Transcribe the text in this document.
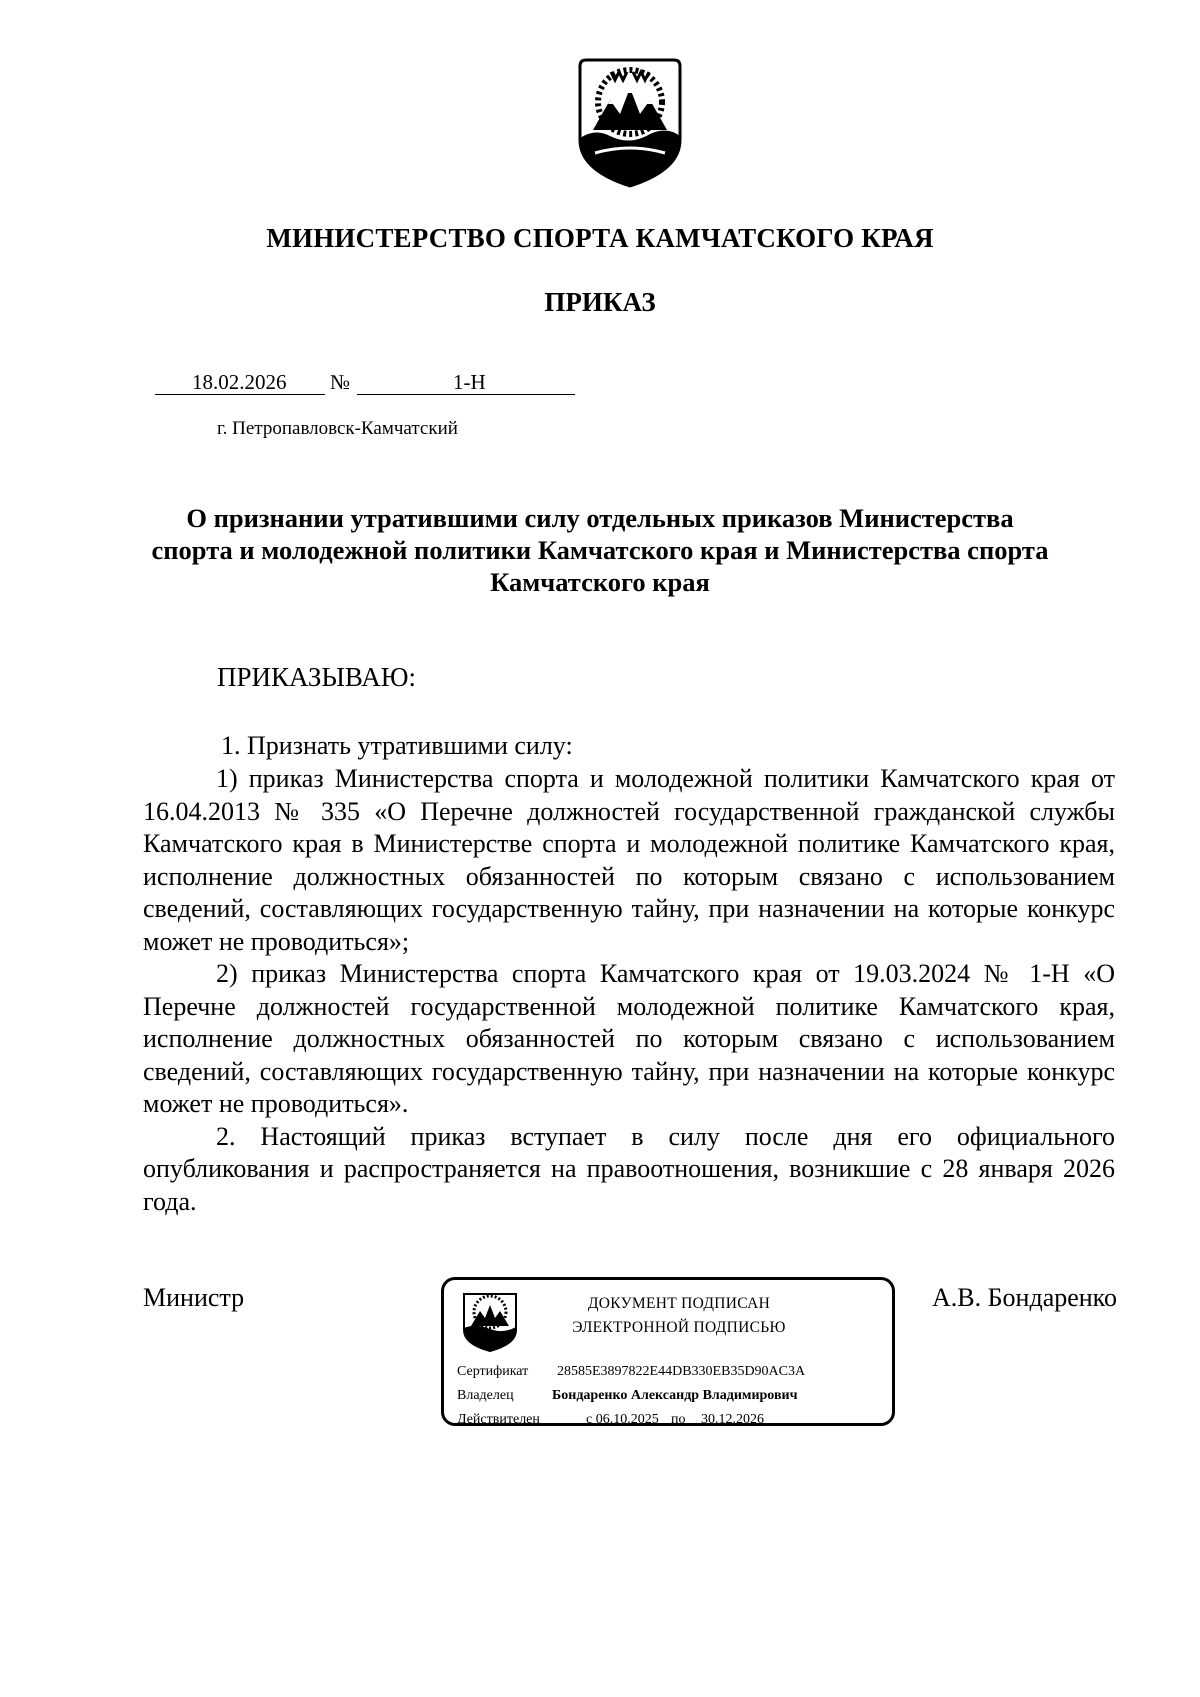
МИНИСТЕРСТВО СПОРТА КАМЧАТСКОГО КРАЯ
ПРИКАЗ
18.02.2026 №	1-Н
г. Петропавловск-Камчатский
О признании утратившими силу отдельных приказов Министерства спорта и молодежной политики Камчатского края и Министерства спорта Камчатского края
ПРИКАЗЫВАЮ:
1. Признать утратившими силу:

1) приказ Министерства спорта и молодежной политики Камчатского края от 16.04.2013 № 335 «О Перечне должностей государственной гражданской службы Камчатского края в Министерстве спорта и молодежной политике Камчатского края, исполнение должностных обязанностей по которым связано с использованием сведений, составляющих государственную тайну, при назначении на которые конкурс может не проводиться»;

2) приказ Министерства спорта Камчатского края от 19.03.2024 № 1-Н «О Перечне должностей государственной молодежной политике Камчатского края, исполнение должностных обязанностей по которым связано с использованием сведений, составляющих государственную тайну, при назначении на которые конкурс может не проводиться».

2. Настоящий приказ вступает в силу после дня его официального опубликования и распространяется на правоотношения, возникшие с 28 января 2026 года.

Министр	А.В. Бондаренко
ДОКУМЕНТ ПОДПИСАН
ЭЛЕКТРОННОЙ ПОДПИСЬЮ
Сертификат 28585E3897822E44DB330EB35D90AC3A
Владелец	Бондаренко Александр Владимирович
Действителен	с 06.10.2025 по 30.12.2026
